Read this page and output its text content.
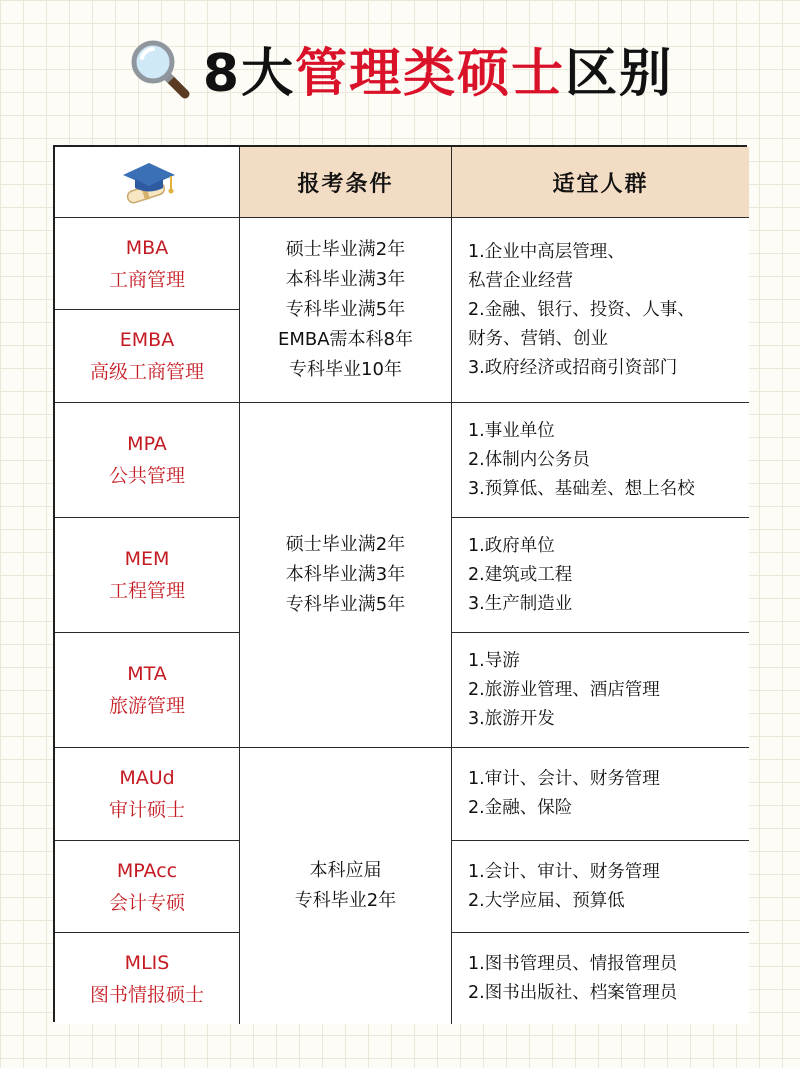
8大 管理类硕士 区别
报考条件	适宜人群
MBA
工商管理
EMBA
高级工商管理
MPA
公共管理
MEM
工程管理
MTA
旅游管理
MAUd
审计硕士
MPAcc
会计专硕
MLIS
图书情报硕士
硕士毕业满2年
本科毕业满3年
专科毕业满5年
EMBA需本科8年
专科毕业10年
硕士毕业满2年
本科毕业满3年
专科毕业满5年
本科应届
专科毕业2年
1.企业中高层管理、
私营企业经营
2.金融、银行、投资、人事、
财务、营销、创业
3.政府经济或招商引资部门
1.事业单位
2.体制内公务员
3.预算低、基础差、想上名校
1.政府单位
2.建筑或工程
3.生产制造业
1.导游
2.旅游业管理、酒店管理
3.旅游开发
1.审计、会计、财务管理
2.金融、保险
1.会计、审计、财务管理
2.大学应届、预算低
1.图书管理员、情报管理员
2.图书出版社、档案管理员
